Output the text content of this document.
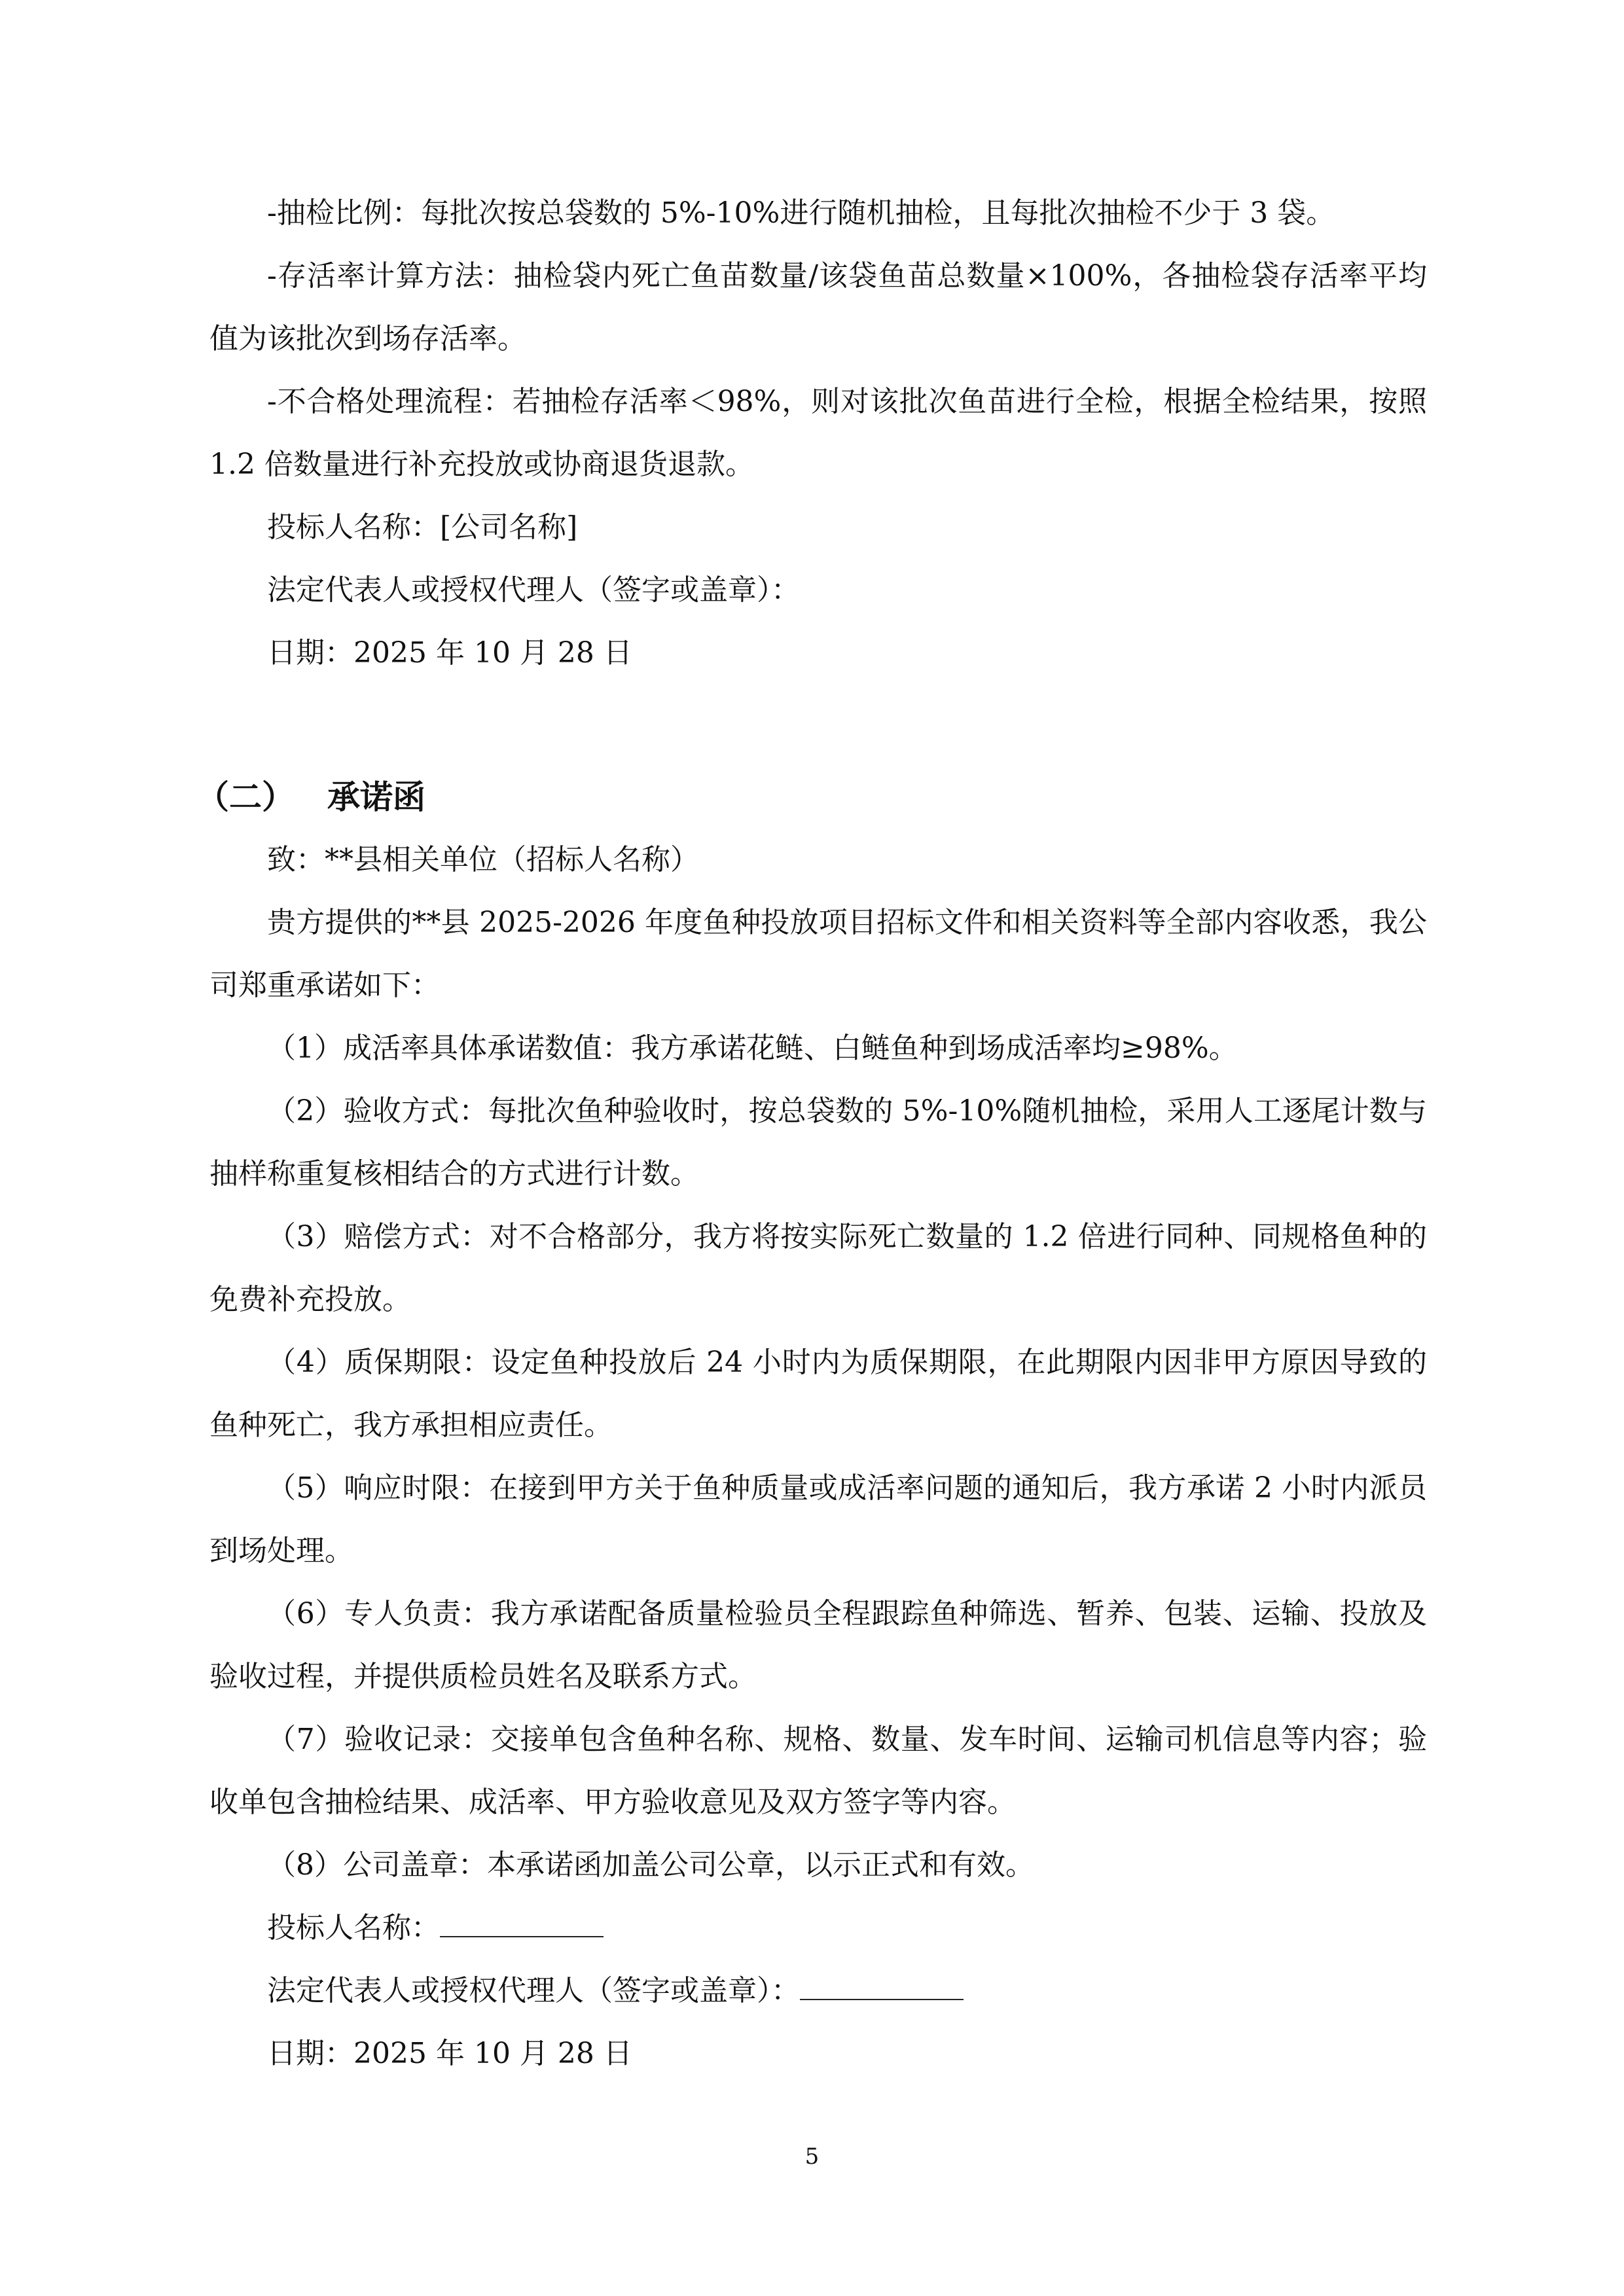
-抽检比例：每批次按总袋数的 5%-10%进行随机抽检，且每批次抽检不少于 3 袋。

-存活率计算方法：抽检袋内死亡鱼苗数量/该袋鱼苗总数量×100%，各抽检袋存活率平均值为该批次到场存活率。

-不合格处理流程：若抽检存活率＜98%，则对该批次鱼苗进行全检，根据全检结果，按照 1.2 倍数量进行补充投放或协商退货退款。

投标人名称：[公司名称]

法定代表人或授权代理人（签字或盖章）：

日期：2025 年 10 月 28 日

（二） 承诺函

致：**县相关单位（招标人名称）

贵方提供的**县 2025-2026 年度鱼种投放项目招标文件和相关资料等全部内容收悉，我公司郑重承诺如下：

（1）成活率具体承诺数值：我方承诺花鲢、白鲢鱼种到场成活率均≥98%。

（2）验收方式：每批次鱼种验收时，按总袋数的 5%-10%随机抽检，采用人工逐尾计数与抽样称重复核相结合的方式进行计数。

（3）赔偿方式：对不合格部分，我方将按实际死亡数量的 1.2 倍进行同种、同规格鱼种的免费补充投放。

（4）质保期限：设定鱼种投放后 24 小时内为质保期限，在此期限内因非甲方原因导致的鱼种死亡，我方承担相应责任。

（5）响应时限：在接到甲方关于鱼种质量或成活率问题的通知后，我方承诺 2 小时内派员到场处理。

（6）专人负责：我方承诺配备质量检验员全程跟踪鱼种筛选、暂养、包装、运输、投放及验收过程，并提供质检员姓名及联系方式。

（7）验收记录：交接单包含鱼种名称、规格、数量、发车时间、运输司机信息等内容；验收单包含抽检结果、成活率、甲方验收意见及双方签字等内容。

（8）公司盖章：本承诺函加盖公司公章，以示正式和有效。

投标人名称：

法定代表人或授权代理人（签字或盖章）：

日期：2025 年 10 月 28 日

5
